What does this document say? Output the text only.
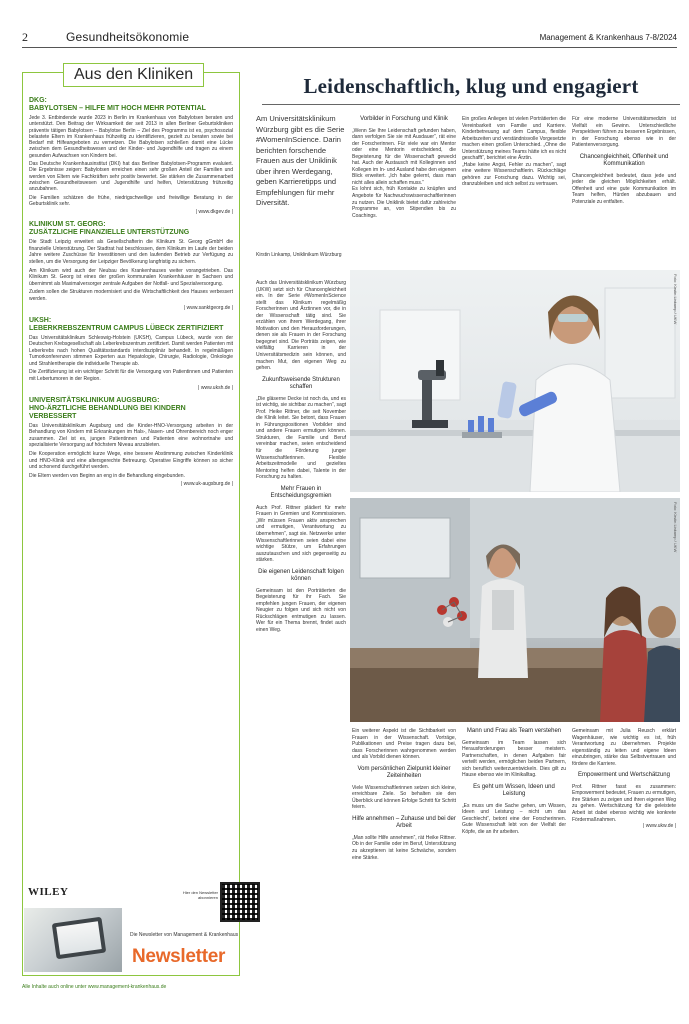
2	Gesundheitsökonomie	Management & Krankenhaus 7-8/2024
Aus den Kliniken
DKG:
BABYLOTSEN – HILFE MIT HOCH MEHR POTENTIAL

Jede 3. Entbindende wurde 2023 in Berlin im Krankenhaus von Babylotsen beraten und unterstützt. Den Beitrag der Wirksamkeit der seit 2013 in allen Berliner Geburtskliniken präventiv tätigen Babylotsen – Babylotse Berlin – Ziel des Programms ist es, psychosozial belastete Eltern im Krankenhaus frühzeitig zu identifizieren, gezielt zu beraten sowie bei Bedarf mit Hilfeangeboten zu vernetzen. Die Babylotsen schließen damit eine Lücke zwischen dem Gesundheitswesen und der Kinder- und Jugendhilfe und tragen zu einem gesunden Aufwachsen von Kindern bei.

Das Deutsche Krankenhausinstitut (DKI) hat das Berliner Babylotsen-Programm evaluiert. Die Ergebnisse zeigen: Babylotsen erreichen einen sehr großen Anteil der Familien und werden von Eltern wie Fachkräften sehr positiv bewertet. Sie stärken die Zusammenarbeit zwischen Gesundheitswesen und Jugendhilfe und helfen, Unterstützung frühzeitig anzubahnen.

Die Familien schätzen die frühe, niedrigschwellige und freiwillige Beratung in der Geburtsklinik sehr.

| www.dkgev.de |
KLINIKUM ST. GEORG:
ZUSÄTZLICHE FINANZIELLE UNTERSTÜTZUNG

Die Stadt Leipzig erweitert als Gesellschafterin die Klinikum St. Georg gGmbH die finanzielle Unterstützung. Der Stadtrat hat beschlossen, dem Klinikum im Laufe der beiden Jahre weitere Zuschüsse für Investitionen und den laufenden Betrieb zur Verfügung zu stellen, um die Versorgung der Leipziger Bevölkerung langfristig zu sichern.

Am Klinikum wird auch der Neubau des Krankenhauses weiter vorangetrieben. Das Klinikum St. Georg ist eines der großen kommunalen Krankenhäuser in Sachsen und übernimmt als Maximalversorger zentrale Aufgaben der Notfall- und Spezialversorgung.

Zudem sollen die Strukturen modernisiert und die Wirtschaftlichkeit des Hauses verbessert werden.

| www.sanktgeorg.de |
UKSH:
LEBERKREBSZENTRUM CAMPUS LÜBECK ZERTIFIZIERT

Das Universitätsklinikum Schleswig-Holstein (UKSH), Campus Lübeck, wurde von der Deutschen Krebsgesellschaft als Leberkrebszentrum zertifiziert. Damit werden Patienten mit Leberkrebs nach hohen Qualitätsstandards interdisziplinär behandelt. In regelmäßigen Tumorkonferenzen stimmen Experten aus Hepatologie, Chirurgie, Radiologie, Onkologie und Strahlentherapie die individuelle Therapie ab.

Die Zertifizierung ist ein wichtiger Schritt für die Versorgung von Patientinnen und Patienten mit Lebertumoren in der Region.

| www.uksh.de |
UNIVERSITÄTSKLINIKUM AUGSBURG:
HNO-ÄRZTLICHE BEHANDLUNG BEI KINDERN VERBESSERT

Das Universitätsklinikum Augsburg und die Kinder-HNO-Versorgung arbeiten in der Behandlung von Kindern mit Erkrankungen im Hals-, Nasen- und Ohrenbereich noch enger zusammen. Ziel ist es, jungen Patientinnen und Patienten eine wohnortnahe und spezialisierte Versorgung auf höchstem Niveau anzubieten.

Die Kooperation ermöglicht kurze Wege, eine bessere Abstimmung zwischen Kinderklinik und HNO-Klinik und eine altersgerechte Betreuung. Operative Eingriffe können so sicher und schonend durchgeführt werden.

Die Eltern werden von Beginn an eng in die Behandlung eingebunden.

| www.uk-augsburg.de |
WILEY	Hier den Newsletter abonnieren
Die Newsletter von Management & Krankenhaus
Newsletter
Alle Inhalte auch online unter www.management-krankenhaus.de
Leidenschaftlich, klug und engagiert
Am Universitätsklinikum Würzburg gibt es die Serie #WomenInScience. Darin berichten forschende Frauen aus der Uniklinik über ihren Werdegang, geben Karrieretipps und Empfehlungen für mehr Diversität.
Kirstin Linkamp, Uniklinikum Würzburg

Auch das Universitätsklinikum Würzburg (UKW) setzt sich für Chancengleichheit ein. In der Serie #WomenInScience stellt das Klinikum regelmäßig Forscherinnen und Ärztinnen vor, die in der Wissenschaft tätig sind. Sie erzählen von ihrem Werdegang, ihrer Motivation und den Herausforderungen, denen sie als Frauen in der Forschung begegnet sind. Die Porträts zeigen, wie vielfältig Karrieren in der Universitätsmedizin sein können, und machen Mut, den eigenen Weg zu gehen.

Zukunftsweisende Strukturen schaffen

„Die gläserne Decke ist noch da, und es ist wichtig, sie sichtbar zu machen“, sagt Prof. Heike Rittner, die seit November die Klinik leitet. Sie betont, dass Frauen in Führungspositionen Vorbilder sind und andere Frauen ermutigen können. Strukturen, die Familie und Beruf vereinbar machen, seien entscheidend für die Förderung junger Wissenschaftlerinnen. Flexible Arbeitszeitmodelle und gezieltes Mentoring helfen dabei, Talente in der Forschung zu halten.

Mehr Frauen in Entscheidungsgremien

Auch Prof. Rittner plädiert für mehr Frauen in Gremien und Kommissionen. „Wir müssen Frauen aktiv ansprechen und ermutigen, Verantwortung zu übernehmen“, sagt sie. Netzwerke unter Wissenschaftlerinnen seien dabei eine wichtige Stütze, um Erfahrungen auszutauschen und sich gegenseitig zu stärken.

Die eigenen Leidenschaft folgen können

Gemeinsam ist den Porträtierten die Begeisterung für ihr Fach. Sie empfehlen jungen Frauen, der eigenen Neugier zu folgen und sich nicht von Rückschlägen entmutigen zu lassen. Wer für ein Thema brennt, findet auch einen Weg.

Vorbilder in Forschung und Klinik

„Wenn Sie Ihre Leidenschaft gefunden haben, dann verfolgen Sie sie mit Ausdauer“, rät eine der Forscherinnen. Für viele war ein Mentor oder eine Mentorin entscheidend, die Begeisterung für die Wissenschaft geweckt hat. Auch der Austausch mit Kolleginnen und Kollegen im In- und Ausland habe den eigenen Blick erweitert. „Ich habe gelernt, dass man nicht alles allein schaffen muss.“

Es lohnt sich, früh Kontakte zu knüpfen und Angebote für Nachwuchswissenschaftlerinnen zu nutzen. Die Uniklinik bietet dafür zahlreiche Programme an, von Stipendien bis zu Coachings.

Ein großes Anliegen ist vielen Porträtierten die Vereinbarkeit von Familie und Karriere. Kinderbetreuung auf dem Campus, flexible Arbeitszeiten und verständnisvolle Vorgesetzte machen einen großen Unterschied. „Ohne die Unterstützung meines Teams hätte ich es nicht geschafft“, berichtet eine Ärztin.

„Habe keine Angst, Fehler zu machen“, sagt eine weitere Wissenschaftlerin. Rückschläge gehören zur Forschung dazu. Wichtig sei, dranzubleiben und sich selbst zu vertrauen.

Für eine moderne Universitätsmedizin ist Vielfalt ein Gewinn. Unterschiedliche Perspektiven führen zu besseren Ergebnissen, in der Forschung ebenso wie in der Patientenversorgung.

Chancengleichheit, Offenheit und Kommunikation

Chancengleichheit bedeutet, dass jede und jeder die gleichen Möglichkeiten erhält. Offenheit und eine gute Kommunikation im Team helfen, Hürden abzubauen und Potenziale zu entfalten.

Foto: Kirstin Linkamp / UKW
Foto: Kirstin Linkamp / UKW

Ein weiterer Aspekt ist die Sichtbarkeit von Frauen in der Wissenschaft. Vorträge, Publikationen und Preise tragen dazu bei, dass Forscherinnen wahrgenommen werden und als Vorbild dienen können.

Vom persönlichen Zielpunkt kleiner Zeiteinheiten

Viele Wissenschaftlerinnen setzen sich kleine, erreichbare Ziele. So behalten sie den Überblick und können Erfolge Schritt für Schritt feiern.

Hilfe annehmen – Zuhause und bei der Arbeit

„Man sollte Hilfe annehmen“, rät Heike Rittner. Ob in der Familie oder im Beruf, Unterstützung zu akzeptieren ist keine Schwäche, sondern eine Stärke.

Mann und Frau als Team verstehen

Gemeinsam im Team lassen sich Herausforderungen besser meistern. Partnerschaften, in denen Aufgaben fair verteilt werden, ermöglichen beiden Partnern, sich beruflich weiterzuentwickeln. Dies gilt zu Hause ebenso wie im Klinikalltag.

Es geht um Wissen, Ideen und Leistung

„Es muss um die Sache gehen, um Wissen, Ideen und Leistung – nicht um das Geschlecht“, betont eine der Forscherinnen. Gute Wissenschaft lebt von der Vielfalt der Köpfe, die an ihr arbeiten.

Gemeinsam mit Julia Reusch erklärt Wagenhäuser, wie wichtig es ist, früh Verantwortung zu übernehmen. Projekte eigenständig zu leiten und eigene Ideen einzubringen, stärke das Selbstvertrauen und fördere die Karriere.

Empowerment und Wertschätzung

Prof. Rittner fasst es zusammen: Empowerment bedeutet, Frauen zu ermutigen, ihre Stärken zu zeigen und ihren eigenen Weg zu gehen. Wertschätzung für die geleistete Arbeit ist dabei ebenso wichtig wie konkrete Fördermaßnahmen.

| www.ukw.de |
